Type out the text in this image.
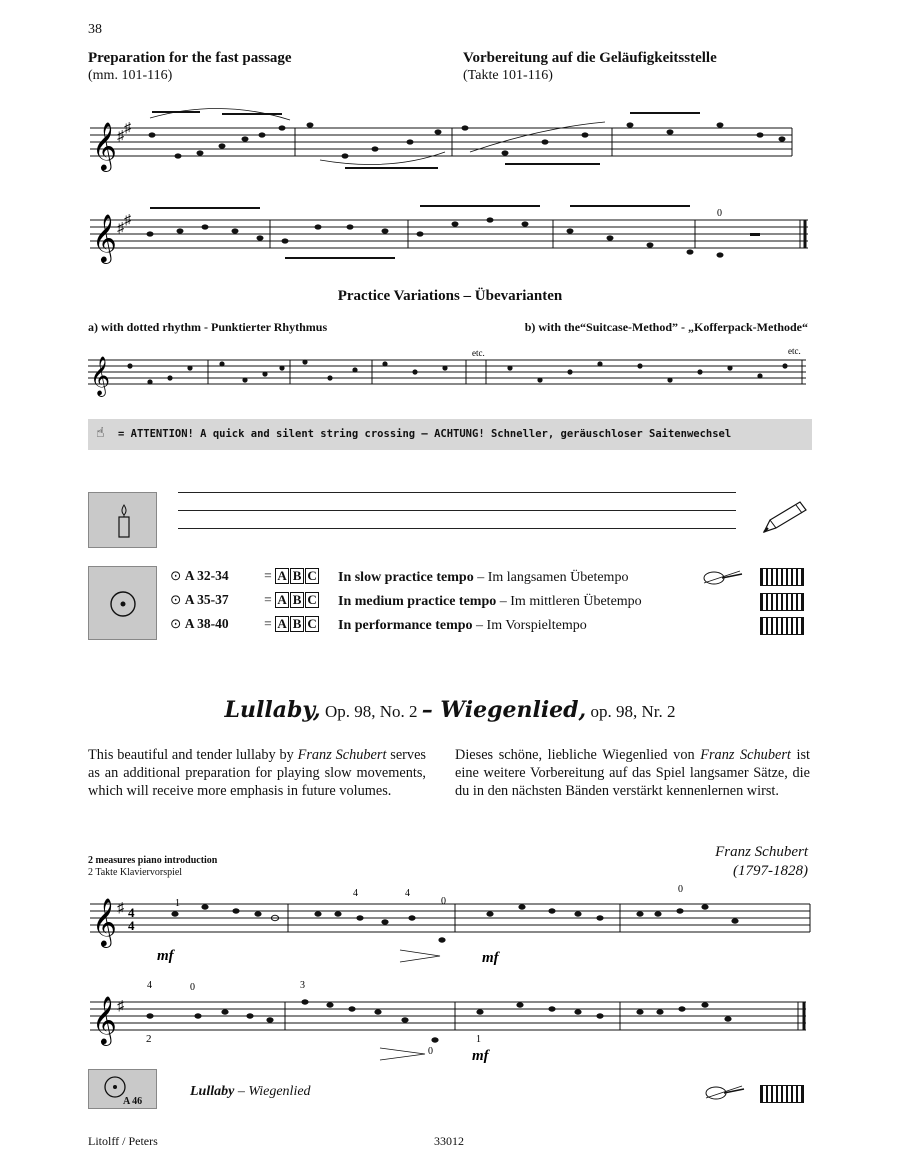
38
Preparation for the fast passage
(mm. 101-116)
Vorbereitung auf die Geläufigkeitsstelle
(Takte 101-116)
𝄞 ♯
♯
𝄞 ♯
♯	0
Practice Variations – Übevarianten
a) with dotted rhythm - Punktierter Rhythmus	b) with the“Suitcase-Method” - „Kofferpack-Methode“
𝄞
etc.	etc.
☝ = ATTENTION! A quick and silent string crossing – ACHTUNG! Schneller, geräuschloser Saitenwechsel
⊙ A 32-34	= A B C In slow practice tempo – Im langsamen Übetempo
⊙ A 35-37	= A B C In medium practice tempo – Im mittleren Übetempo
⊙ A 38-40	= A B C In performance tempo – Im Vorspieltempo
Lullaby, Op. 98, No. 2 – Wiegenlied, op. 98, Nr. 2
This beautiful and tender lullaby by Franz Schubert serves as an additional preparation for playing slow movements, which will receive more emphasis in future volumes.
Dieses schöne, liebliche Wiegenlied von Franz Schubert ist eine weitere Vorbereitung auf das Spiel langsamer Sätze, die du in den nächsten Bänden verstärkt kennenlernen wirst.
Franz Schubert
(1797-1828)
2 measures piano introduction
2 Takte Klaviervorspiel
𝄞 ♯ 4
4
mf	mf
4	4
0
0
1
𝄞 ♯
mf
4	0	3
2
0
1
A 46
Lullaby – Wiegenlied
Litolff / Peters	33012
